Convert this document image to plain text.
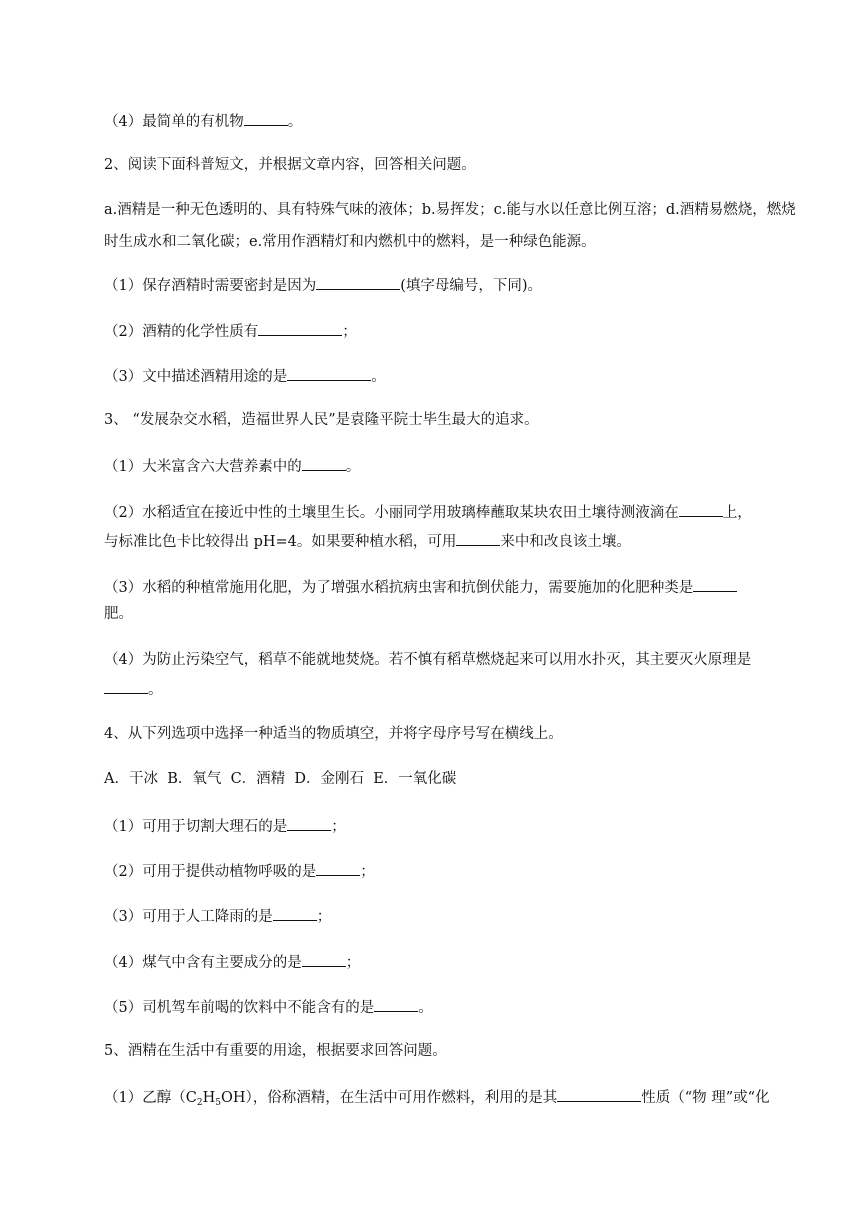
（4）最简单的有机物	。
2、阅读下面科普短文，并根据文章内容，回答相关问题。
a.酒精是一种无色透明的、具有特殊气味的液体；b.易挥发；c.能与水以任意比例互溶；d.酒精易燃烧，燃烧时生成水和二氧化碳；e.常用作酒精灯和内燃机中的燃料，是一种绿色能源。
（1）保存酒精时需要密封是因为	(填字母编号，下同)。
（2）酒精的化学性质有	；
（3）文中描述酒精用途的是	。
3、 “发展杂交水稻，造福世界人民”是袁隆平院士毕生最大的追求。
（1）大米富含六大营养素中的	。
（2）水稻适宜在接近中性的土壤里生长。小丽同学用玻璃棒蘸取某块农田土壤待测液滴在	上，
与标准比色卡比较得出 pH=4。如果要种植水稻，可用	来中和改良该土壤。
（3）水稻的种植常施用化肥，为了增强水稻抗病虫害和抗倒伏能力，需要施加的化肥种类是
肥。
（4）为防止污染空气，稻草不能就地焚烧。若不慎有稻草燃烧起来可以用水扑灭，其主要灭火原理是
。
4、从下列选项中选择一种适当的物质填空，并将字母序号写在横线上。
A．干冰  B．氧气  C．酒精  D．金刚石  E．一氧化碳
（1）可用于切割大理石的是	；
（2）可用于提供动植物呼吸的是	；
（3）可用于人工降雨的是	；
（4）煤气中含有主要成分的是	；
（5）司机驾车前喝的饮料中不能含有的是	。
5、酒精在生活中有重要的用途，根据要求回答问题。
（1）乙醇$(C_2H_5OH)$，俗称酒精，在生活中可用作燃料，利用的是其	性质（“物 理”或“化
